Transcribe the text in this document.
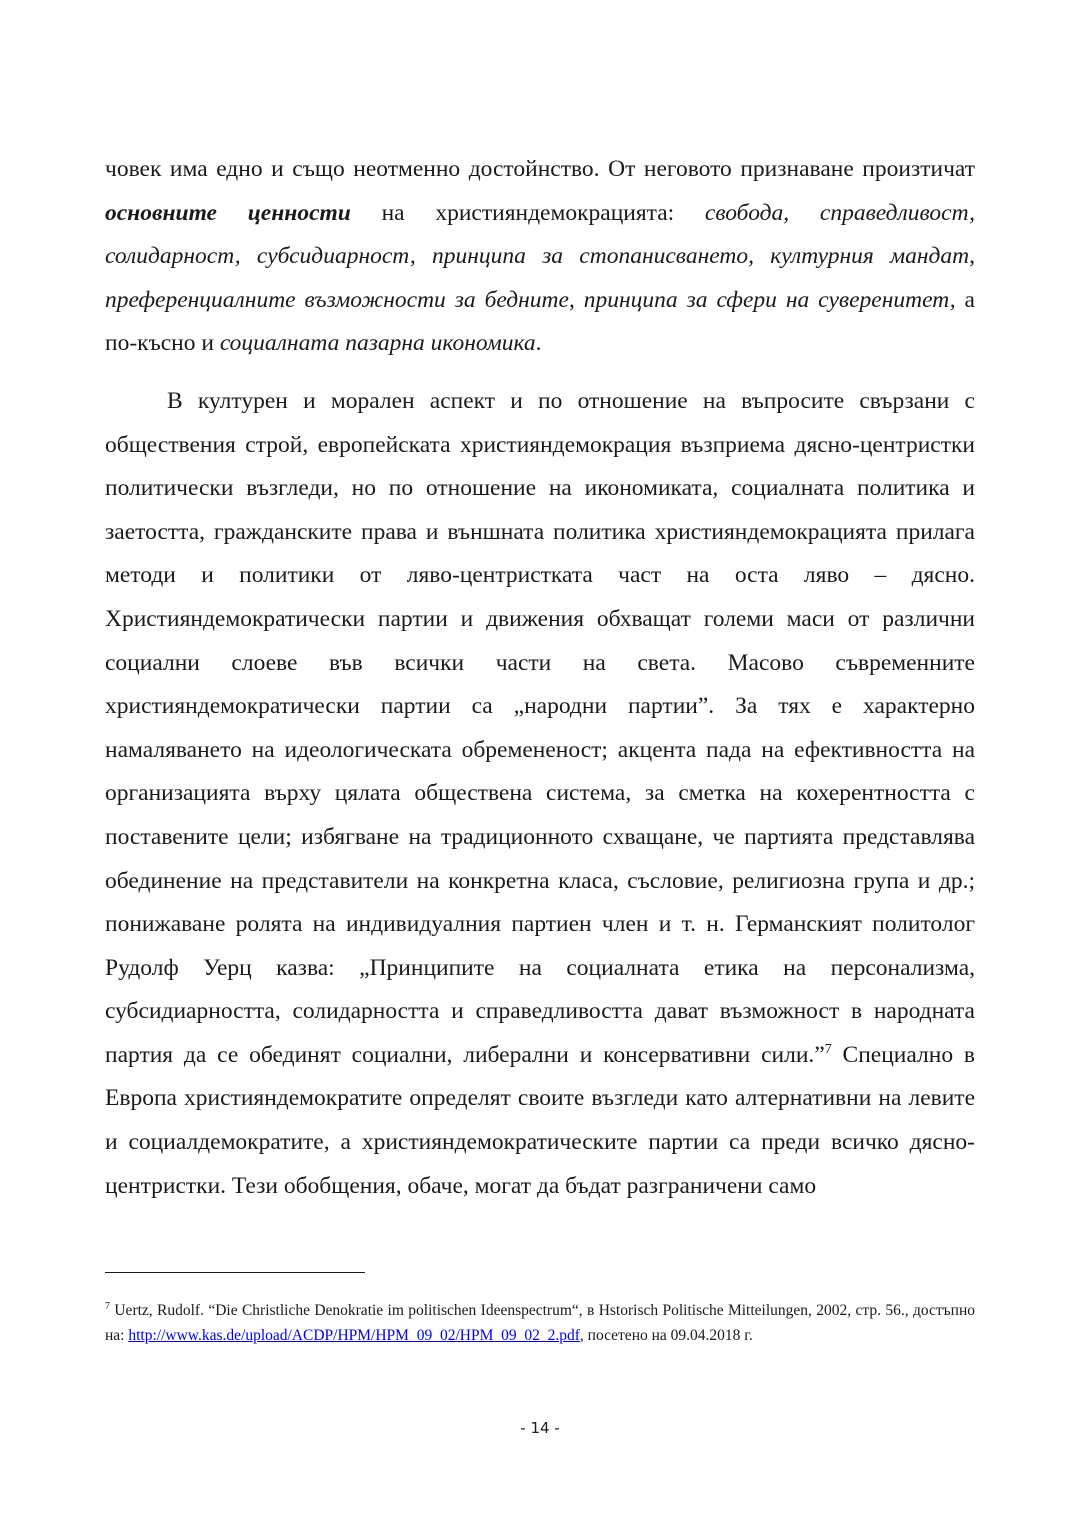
човек има едно и също неотменно достойнство. От неговото признаване произтичат основните ценности на християндемокрацията: свобода, справедливост, солидарност, субсидиарност, принципа за стопанисването, културния мандат, преференциалните възможности за бедните, принципа за сфери на суверенитет, а по-късно и социалната пазарна икономика.

В културен и морален аспект и по отношение на въпросите свързани с обществения строй, европейската християндемокрация възприема дясно-центристки политически възгледи, но по отношение на икономиката, социалната политика и заетостта, гражданските права и външната политика християндемокрацията прилага методи и политики от ляво-центристката част на оста ляво – дясно. Християндемократически партии и движения обхващат големи маси от различни социални слоеве във всички части на света. Масово съвременните християндемократически партии са „народни партии”. За тях е характерно намаляването на идеологическата обремененост; акцента пада на ефективността на организацията върху цялата обществена система, за сметка на кохерентността с поставените цели; избягване на традиционното схващане, че партията представлява обединение на представители на конкретна класа, съсловие, религиозна група и др.; понижаване ролята на индивидуалния партиен член и т. н. Германският политолог Рудолф Уерц казва: „Принципите на социалната етика на персонализма, субсидиарността, солидарността и справедливостта дават възможност в народната партия да се обединят социални, либерални и консервативни сили.”$^7$ Специално в Европа християндемократите определят своите възгледи като алтернативни на левите и социалдемократите, а християндемократическите партии са преди всичко дясно-центристки. Тези обобщения, обаче, могат да бъдат разграничени само

$^7$ Uertz, Rudolf. “Die Christliche Denokratie im politischen Ideenspectrum“, в Hstorisch Politische Mitteilungen, 2002, стр. 56., достъпно на: http://www.kas.de/upload/ACDP/HPM/HPM_09_02/HPM_09_02_2.pdf, посетено на 09.04.2018 г.

- 14 -
